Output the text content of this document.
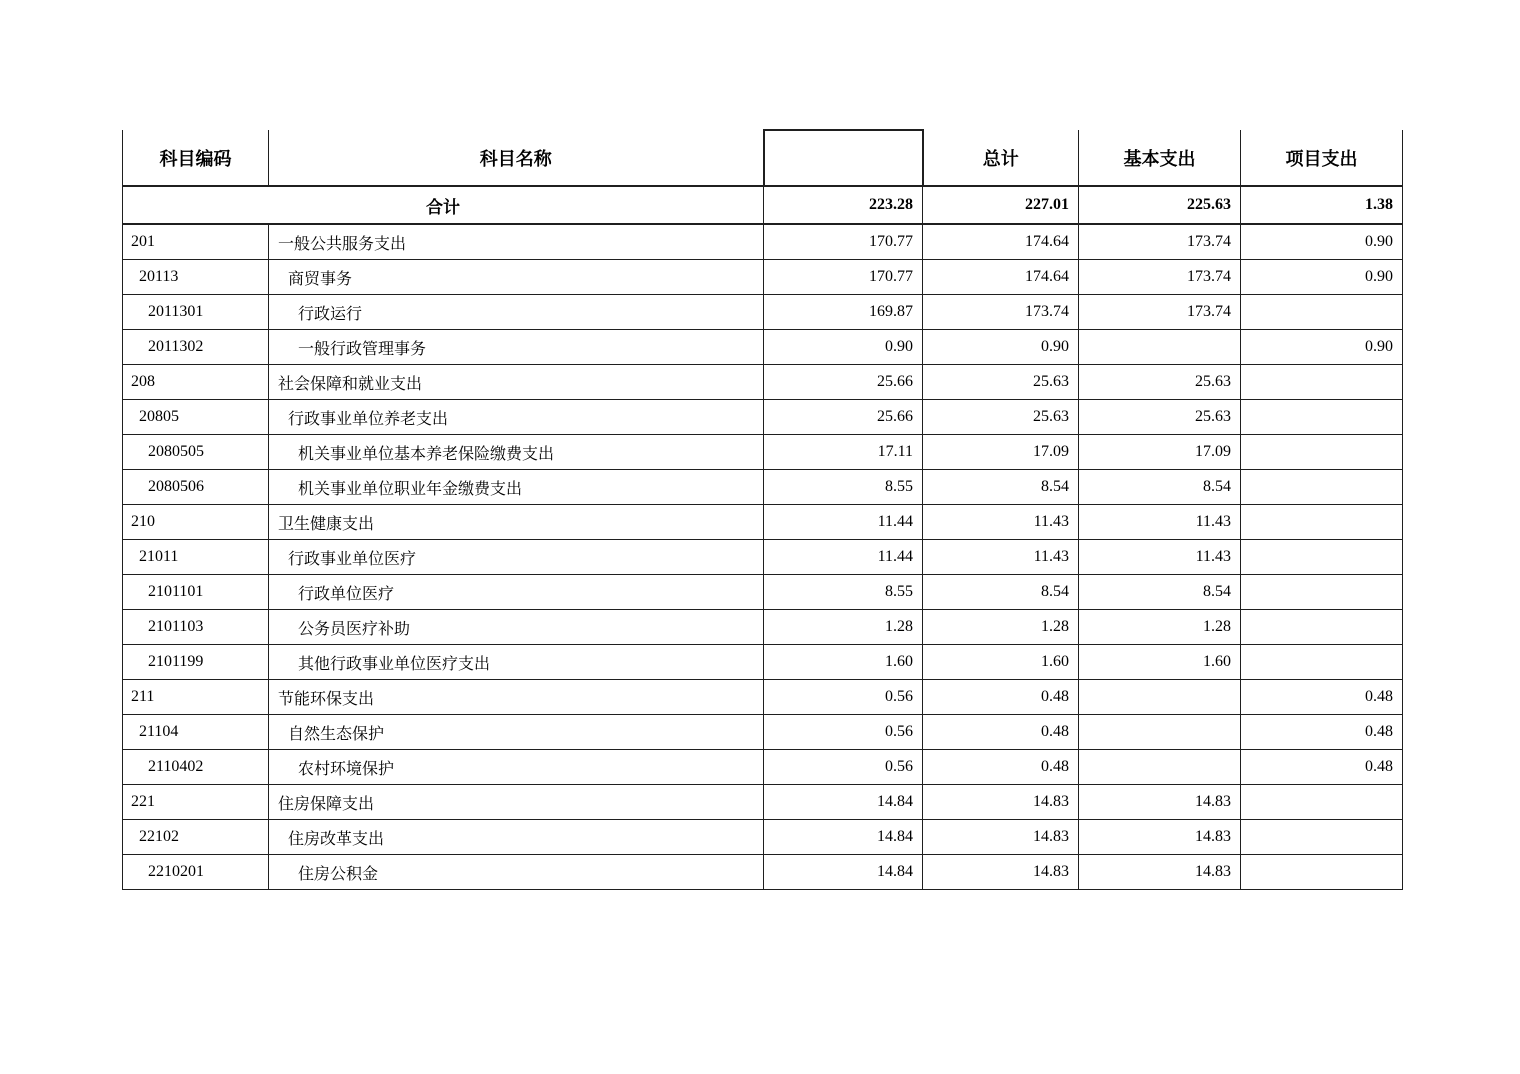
科目编码	科目名称		总计	基本支出	项目支出
合计		223.28	227.01	225.63	1.38
201	一般公共服务支出	170.77	174.64	173.74	0.90
20113	商贸事务	170.77	174.64	173.74	0.90
2011301	行政运行	169.87	173.74	173.74	
2011302	一般行政管理事务	0.90	0.90		0.90
208	社会保障和就业支出	25.66	25.63	25.63	
20805	行政事业单位养老支出	25.66	25.63	25.63	
2080505	机关事业单位基本养老保险缴费支出	17.11	17.09	17.09	
2080506	机关事业单位职业年金缴费支出	8.55	8.54	8.54	
210	卫生健康支出	11.44	11.43	11.43	
21011	行政事业单位医疗	11.44	11.43	11.43	
2101101	行政单位医疗	8.55	8.54	8.54	
2101103	公务员医疗补助	1.28	1.28	1.28	
2101199	其他行政事业单位医疗支出	1.60	1.60	1.60	
211	节能环保支出	0.56	0.48		0.48
21104	自然生态保护	0.56	0.48		0.48
2110402	农村环境保护	0.56	0.48		0.48
221	住房保障支出	14.84	14.83	14.83	
22102	住房改革支出	14.84	14.83	14.83	
2210201	住房公积金	14.84	14.83	14.83	
